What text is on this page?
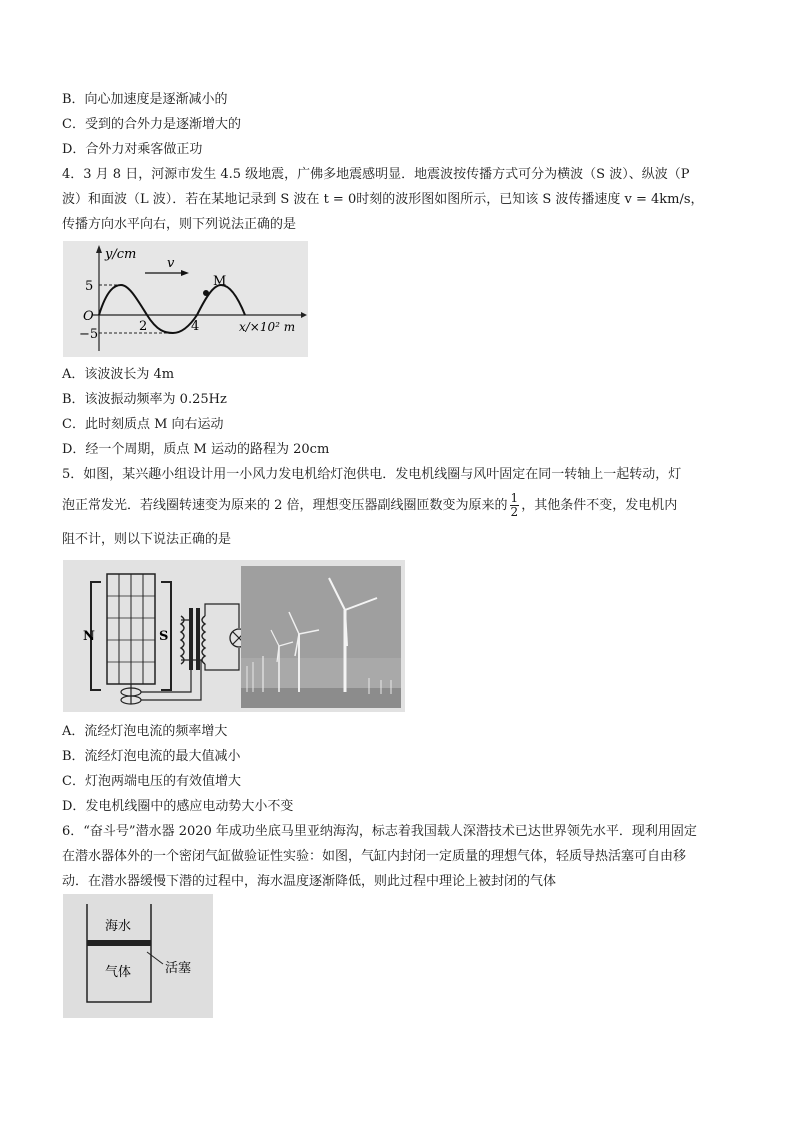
B．向心加速度是逐渐减小的
C．受到的合外力是逐渐增大的
D．合外力对乘客做正功
4．3 月 8 日，河源市发生 4.5 级地震，广佛多地震感明显．地震波按传播方式可分为横波（S 波）、纵波（P
波）和面波（L 波）．若在某地记录到 S 波在 t = 0时刻的波形图如图所示，已知该 S 波传播速度 v = 4km/s，
传播方向水平向右，则下列说法正确的是
y/cm
v
M
5
O
−5
2	4	x/×10² m
A．该波波长为 4m
B．该波振动频率为 0.25Hz
C．此时刻质点 M 向右运动
D．经一个周期，质点 M 运动的路程为 20cm
5．如图，某兴趣小组设计用一小风力发电机给灯泡供电．发电机线圈与风叶固定在同一转轴上一起转动，灯
泡正常发光．若线圈转速变为原来的 2 倍，理想变压器副线圈匝数变为原来的 $\frac{1}{2}$ ，其他条件不变，发电机内
阻不计，则以下说法正确的是
N	S
A．流经灯泡电流的频率增大
B．流经灯泡电流的最大值减小
C．灯泡两端电压的有效值增大
D．发电机线圈中的感应电动势大小不变
6．“奋斗号”潜水器 2020 年成功坐底马里亚纳海沟，标志着我国载人深潜技术已达世界领先水平．现利用固定
在潜水器体外的一个密闭气缸做验证性实验：如图，气缸内封闭一定质量的理想气体，轻质导热活塞可自由移
动．在潜水器缓慢下潜的过程中，海水温度逐渐降低，则此过程中理论上被封闭的气体
海水
气体	活塞
